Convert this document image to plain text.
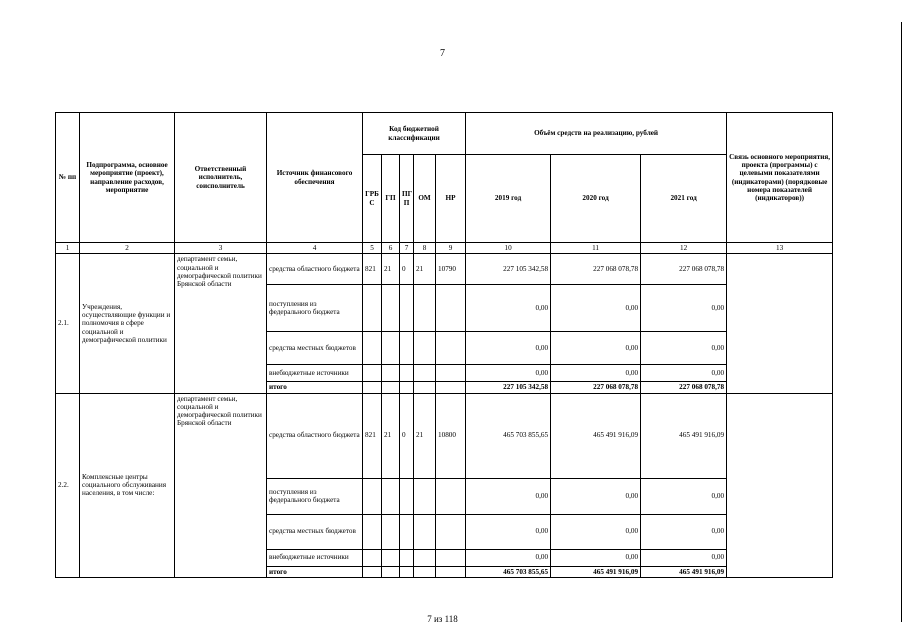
7
№ пп	Подпрограмма, основное мероприятие (проект), направление расходов, мероприятие	Ответственный исполнитель, соисполнитель	Источник финансового обеспечения	Код бюджетной классификации					Объём средств на реализацию, рублей			Связь основного мероприятия, проекта (программы) с целевыми показателями (индикаторами) (порядковые номера показателей (индикаторов))
				ГРБ С	ГП	ПГ П	ОМ	НР	2019 год	2020 год	2021 год	
1	2	3	4	5	6	7	8	9	10	11	12	13
2.1.	Учреждения, осуществляющие функции и полномочия в сфере социальной и демографической политики	департамент семьи, социальной и демографической политики Брянской области	средства областного бюджета	821	21	0	21	10790	227 105 342,58	227 068 078,78	227 068 078,78	
			поступления из федерального бюджета						0,00	0,00	0,00	
			средства местных бюджетов						0,00	0,00	0,00	
			внебюджетные источники						0,00	0,00	0,00	
			итого						227 105 342,58	227 068 078,78	227 068 078,78	
2.2.	Комплексные центры социального обслуживания населения, в том числе:	департамент семьи, социальной и демографической политики Брянской области	средства областного бюджета	821	21	0	21	10800	465 703 855,65	465 491 916,09	465 491 916,09	
			поступления из федерального бюджета						0,00	0,00	0,00	
			средства местных бюджетов						0,00	0,00	0,00	
			внебюджетные источники						0,00	0,00	0,00	
			итого						465 703 855,65	465 491 916,09	465 491 916,09	
7 из 118
